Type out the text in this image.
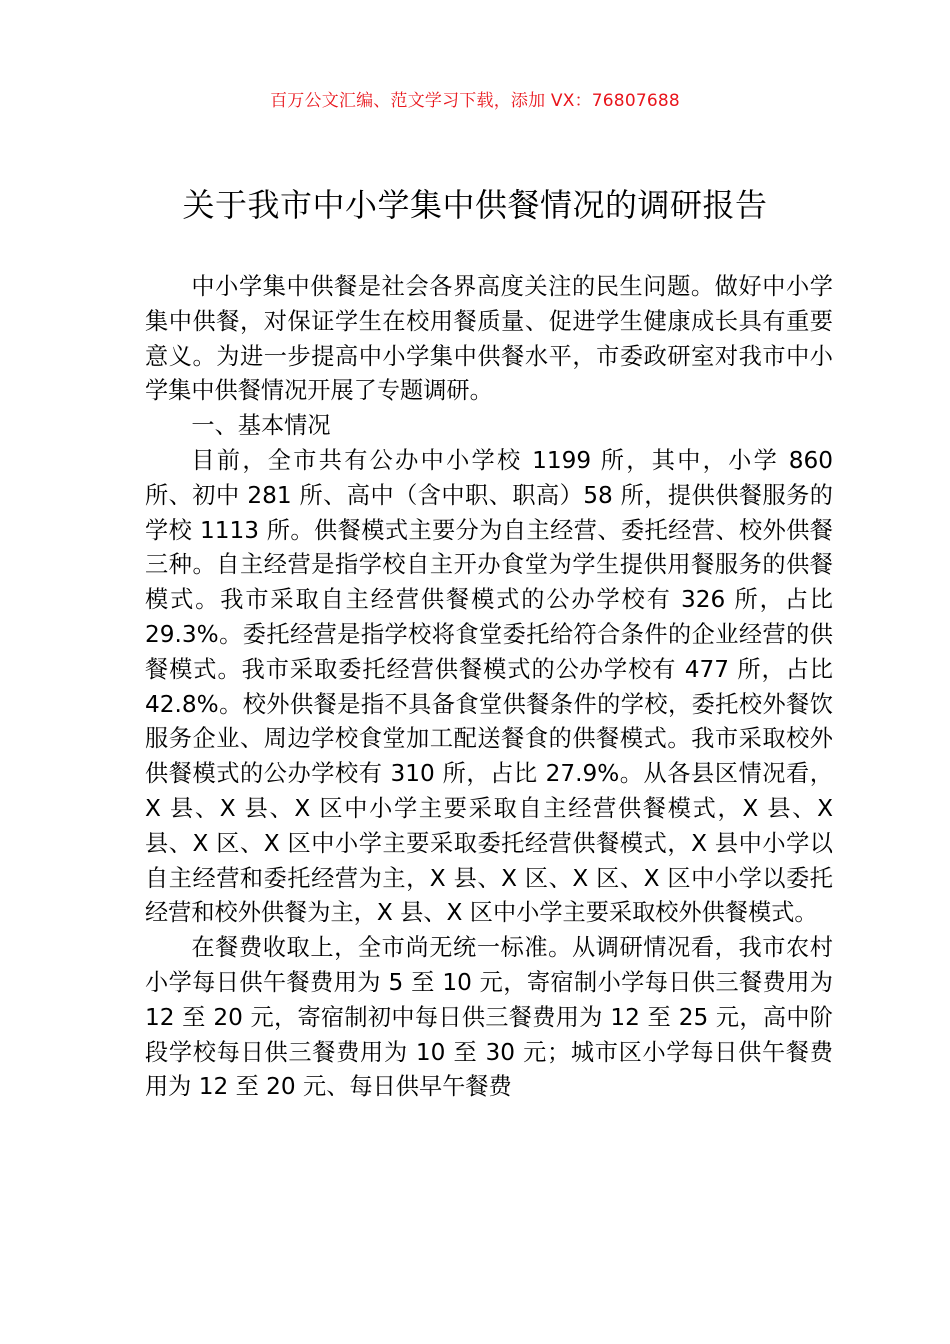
百万公文汇编、范文学习下载，添加 VX：76807688
关于我市中小学集中供餐情况的调研报告

中小学集中供餐是社会各界高度关注的民生问题。做好中小学集中供餐，对保证学生在校用餐质量、促进学生健康成长具有重要意义。为进一步提高中小学集中供餐水平，市委政研室对我市中小学集中供餐情况开展了专题调研。

一、基本情况

目前，全市共有公办中小学校 1199 所，其中，小学 860 所、初中 281 所、高中（含中职、职高）58 所，提供供餐服务的学校 1113 所。供餐模式主要分为自主经营、委托经营、校外供餐三种。自主经营是指学校自主开办食堂为学生提供用餐服务的供餐模式。我市采取自主经营供餐模式的公办学校有 326 所，占比 29.3%。委托经营是指学校将食堂委托给符合条件的企业经营的供餐模式。我市采取委托经营供餐模式的公办学校有 477 所，占比 42.8%。校外供餐是指不具备食堂供餐条件的学校，委托校外餐饮服务企业、周边学校食堂加工配送餐食的供餐模式。我市采取校外供餐模式的公办学校有 310 所，占比 27.9%。从各县区情况看，X 县、X 县、X 区中小学主要采取自主经营供餐模式，X 县、X 县、X 区、X 区中小学主要采取委托经营供餐模式，X 县中小学以自主经营和委托经营为主，X 县、X 区、X 区、X 区中小学以委托经营和校外供餐为主，X 县、X 区中小学主要采取校外供餐模式。

在餐费收取上，全市尚无统一标准。从调研情况看，我市农村小学每日供午餐费用为 5 至 10 元，寄宿制小学每日供三餐费用为 12 至 20 元，寄宿制初中每日供三餐费用为 12 至 25 元，高中阶段学校每日供三餐费用为 10 至 30 元；城市区小学每日供午餐费用为 12 至 20 元、每日供早午餐费
